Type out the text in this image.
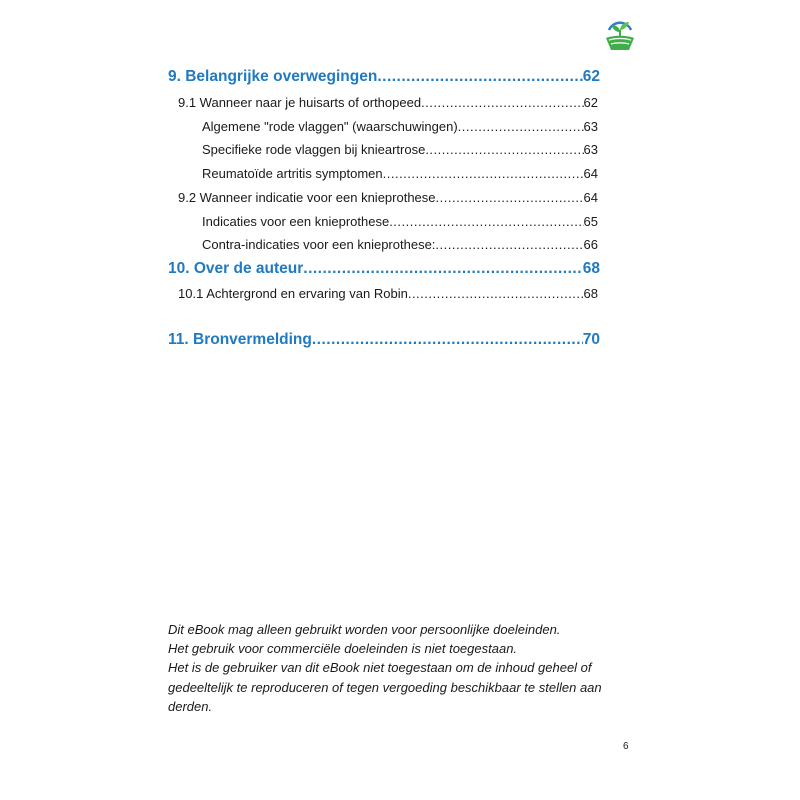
9. Belangrijke overwegingen .....	62
9.1 Wanneer naar je huisarts of orthopeed .....	62
Algemene "rode vlaggen" (waarschuwingen) .....	63
Specifieke rode vlaggen bij knieartrose .....	63
Reumatoïde artritis symptomen .....	64
9.2 Wanneer indicatie voor een knieprothese .....	64
Indicaties voor een knieprothese .....	65
Contra-indicaties voor een knieprothese: .....	66
10. Over de auteur .....	68
10.1 Achtergrond en ervaring van Robin .....	68
11. Bronvermelding .....	70
Dit eBook mag alleen gebruikt worden voor persoonlijke doeleinden.
Het gebruik voor commerciële doeleinden is niet toegestaan.
Het is de gebruiker van dit eBook niet toegestaan om de inhoud geheel of
gedeeltelijk te reproduceren of tegen vergoeding beschikbaar te stellen aan
derden.
6
